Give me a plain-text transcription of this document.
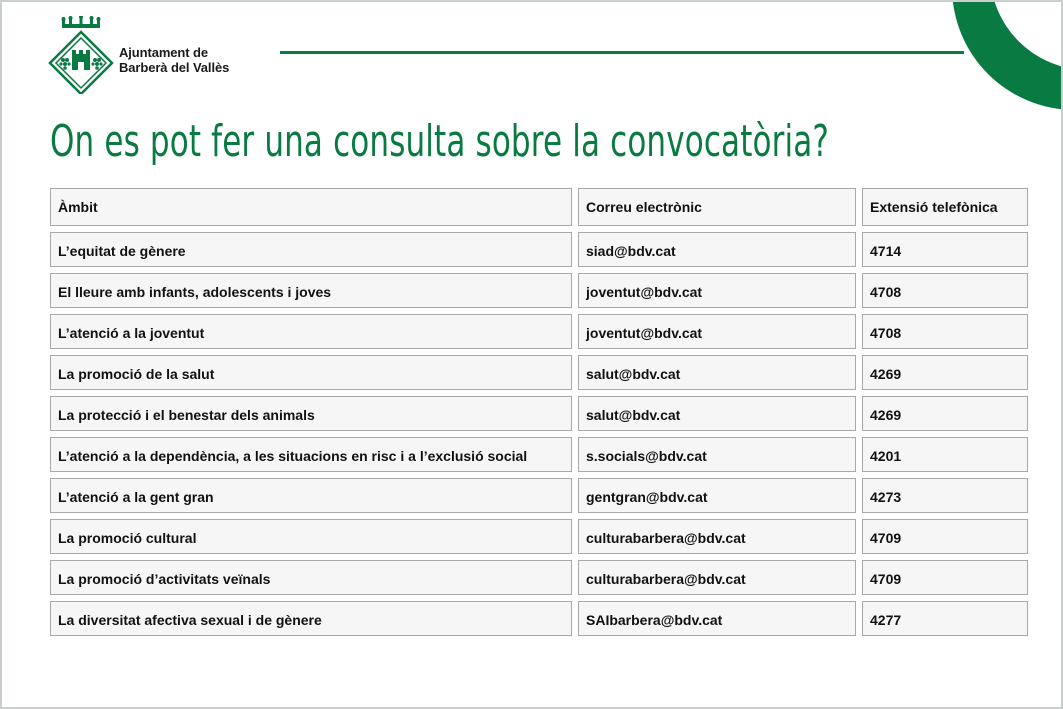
Ajuntament de
Barberà del Vallès
On es pot fer una consulta sobre la convocatòria?
Àmbit	Correu electrònic	Extensió telefònica
L’equitat de gènere	siad@bdv.cat	4714
El lleure amb infants, adolescents i joves	joventut@bdv.cat	4708
L’atenció a la joventut	joventut@bdv.cat	4708
La promoció de la salut	salut@bdv.cat	4269
La protecció i el benestar dels animals	salut@bdv.cat	4269
L’atenció a la dependència, a les situacions en risc i a l’exclusió social	s.socials@bdv.cat	4201
L’atenció a la gent gran	gentgran@bdv.cat	4273
La promoció cultural	culturabarbera@bdv.cat	4709
La promoció d’activitats veïnals	culturabarbera@bdv.cat	4709
La diversitat afectiva sexual i de gènere	SAIbarbera@bdv.cat	4277
